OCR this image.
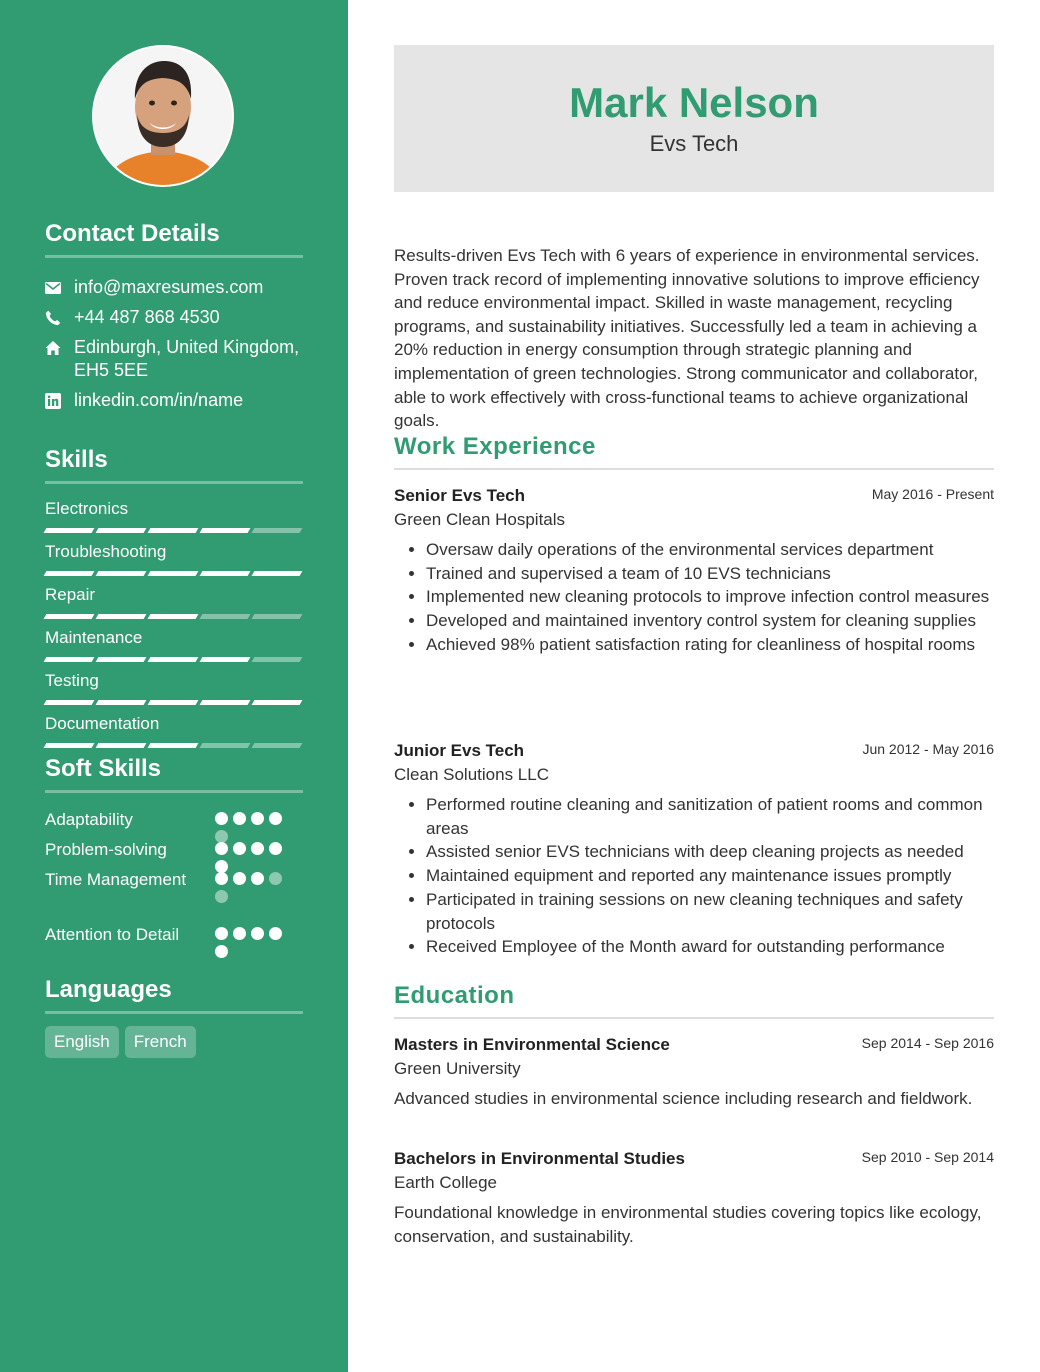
Contact Details
info@maxresumes.com
+44 487 868 4530
Edinburgh, United Kingdom, EH5 5EE
linkedin.com/in/name
Skills
Electronics
Troubleshooting
Repair
Maintenance
Testing
Documentation
Soft Skills
Adaptability
Problem-solving
Time Management
Attention to Detail
Languages
English	French
Mark Nelson
Evs Tech

Results-driven Evs Tech with 6 years of experience in environmental services. Proven track record of implementing innovative solutions to improve efficiency and reduce environmental impact. Skilled in waste management, recycling programs, and sustainability initiatives. Successfully led a team in achieving a 20% reduction in energy consumption through strategic planning and implementation of green technologies. Strong communicator and collaborator, able to work effectively with cross-functional teams to achieve organizational goals.

Work Experience
Senior Evs Tech	May 2016 - Present
Green Clean Hospitals
• Oversaw daily operations of the environmental services department
• Trained and supervised a team of 10 EVS technicians
• Implemented new cleaning protocols to improve infection control measures
• Developed and maintained inventory control system for cleaning supplies
• Achieved 98% patient satisfaction rating for cleanliness of hospital rooms
Junior Evs Tech	Jun 2012 - May 2016
Clean Solutions LLC
• Performed routine cleaning and sanitization of patient rooms and common areas
• Assisted senior EVS technicians with deep cleaning projects as needed
• Maintained equipment and reported any maintenance issues promptly
• Participated in training sessions on new cleaning techniques and safety protocols
• Received Employee of the Month award for outstanding performance
Education
Masters in Environmental Science	Sep 2014 - Sep 2016
Green University
Advanced studies in environmental science including research and fieldwork.
Bachelors in Environmental Studies	Sep 2010 - Sep 2014
Earth College
Foundational knowledge in environmental studies covering topics like ecology, conservation, and sustainability.
